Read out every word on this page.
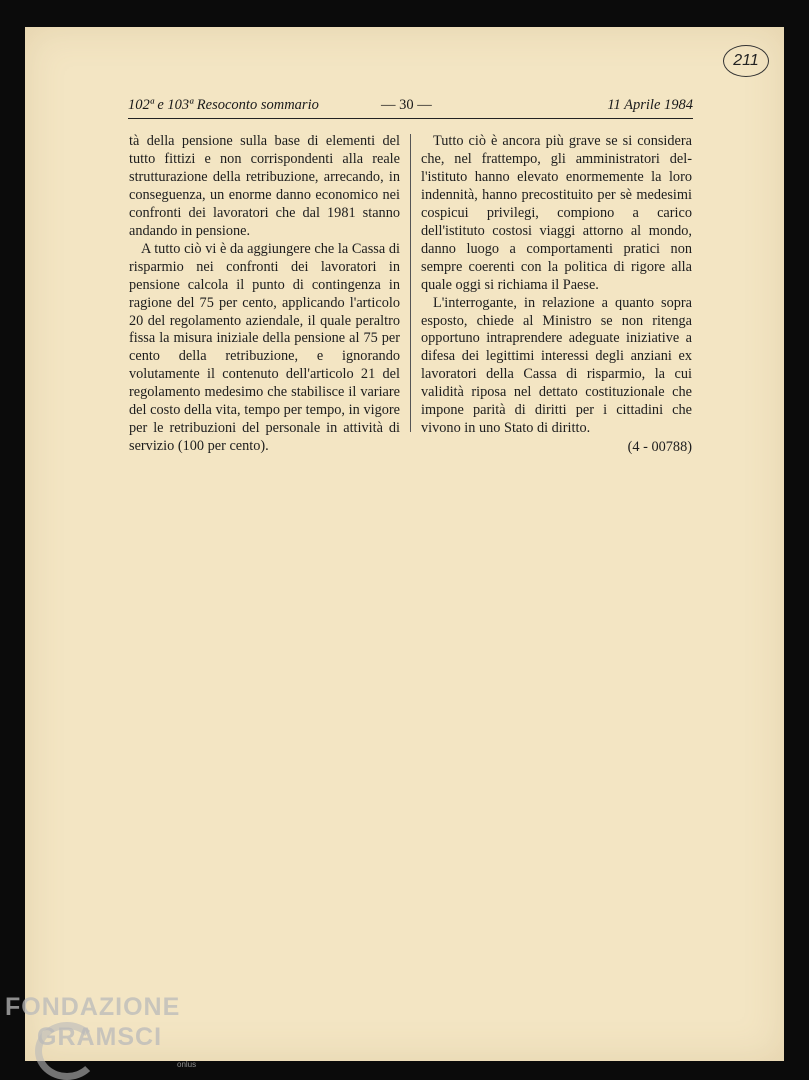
211
102ª e 103ª Resoconto sommario	— 30 —	11 Aprile 1984

tà della pensione sulla base di elementi del tutto fittizi e non corrispondenti alla reale strutturazione della retribuzione, arrecando, in conseguenza, un enorme danno economico nei confronti dei lavoratori che dal 1981 stanno andando in pensione.

A tutto ciò vi è da aggiungere che la Cassa di risparmio nei confronti dei lavoratori in pensione calcola il punto di contingenza in ragione del 75 per cento, applicando l'articolo 20 del regolamento aziendale, il quale peraltro fissa la misura iniziale della pensione al 75 per cento della retribuzione, e ignorando volutamente il contenuto dell'articolo 21 del regolamento medesimo che stabilisce il variare del costo della vita, tempo per tempo, in vigore per le retribuzioni del personale in attività di servizio (100 per cento).

Tutto ciò è ancora più grave se si considera che, nel frattempo, gli amministratori dell'istituto hanno elevato enormemente la loro indennità, hanno precostituito per sè medesimi cospicui privilegi, compiono a carico dell'istituto costosi viaggi attorno al mondo, danno luogo a comportamenti pratici non sempre coerenti con la politica di rigore alla quale oggi si richiama il Paese.

L'interrogante, in relazione a quanto sopra esposto, chiede al Ministro se non ritenga opportuno intraprendere adeguate iniziative a difesa dei legittimi interessi degli anziani ex lavoratori della Cassa di risparmio, la cui validità riposa nel dettato costituzionale che impone parità di diritti per i cittadini che vivono in uno Stato di diritto.

(4 - 00788)
FONDAZIONE
GRAMSCI
onlus
